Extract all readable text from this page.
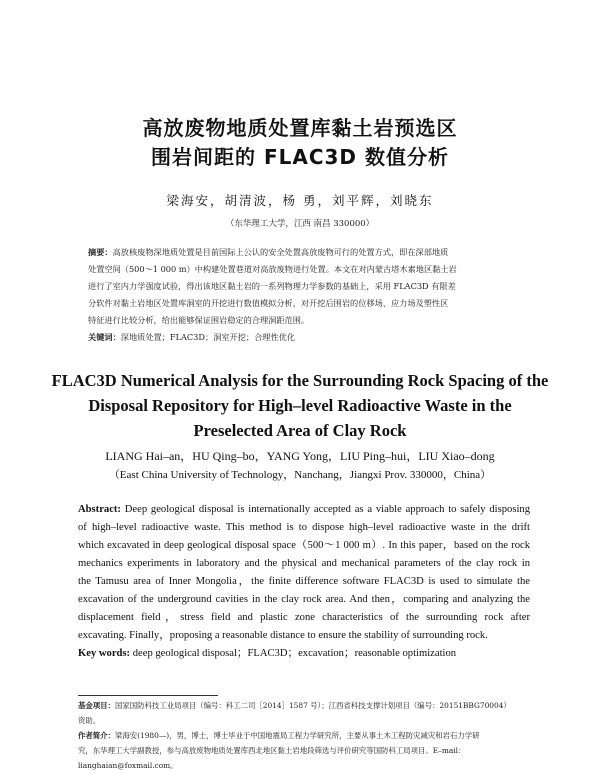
高放废物地质处置库黏土岩预选区
围岩间距的 FLAC3D 数值分析
梁海安，胡清波，杨 勇，刘平辉，刘晓东
（东华理工大学，江西 南昌 330000）
摘要：高放核废物深地质处置是目前国际上公认的安全处置高放废物可行的处置方式，即在深部地质
处置空间（500～1 000 m）中构建处置巷道对高放废物进行处置。本文在对内蒙古塔木素地区黏土岩
进行了室内力学强度试验，得出该地区黏土岩的一系列物理力学参数的基础上，采用 FLAC3D 有限差
分软件对黏土岩地区处置库洞室的开挖进行数值模拟分析，对开挖后围岩的位移场、应力场及塑性区
特征进行比较分析，给出能够保证围岩稳定的合理洞距范围。
关键词：深地质处置；FLAC3D；洞室开挖；合理性优化
FLAC3D Numerical Analysis for the Surrounding Rock Spacing of the
Disposal Repository for High–level Radioactive Waste in the
Preselected Area of Clay Rock
LIANG Hai–an，HU Qing–bo，YANG Yong，LIU Ping–hui，LIU Xiao–dong
（East China University of Technology，Nanchang，Jiangxi Prov. 330000，China）
Abstract: Deep geological disposal is internationally accepted as a viable approach to safely disposing
of high–level radioactive waste. This method is to dispose high–level radioactive waste in the drift
which excavated in deep geological disposal space（500～1 000 m）. In this paper，based on the rock
mechanics experiments in laboratory and the physical and mechanical parameters of the clay rock in
the Tamusu area of Inner Mongolia，the finite difference software FLAC3D is used to simulate the
excavation of the underground cavities in the clay rock area. And then，comparing and analyzing the
displacement field，stress field and plastic zone characteristics of the surrounding rock after
excavating. Finally，proposing a reasonable distance to ensure the stability of surrounding rock.
Key words: deep geological disposal；FLAC3D；excavation；reasonable optimization
基金项目：国家国防科技工业局项目（编号：科工二司［2014］1587 号）；江西省科技支撑计划项目（编号：20151BBG70004）
资助。
作者简介：梁海安(1980—)，男，博士，博士毕业于中国地震局工程力学研究所，主要从事土木工程防灾减灾和岩石力学研
究，东华理工大学副教授，参与高放废物地质处置库西北地区黏土岩地段筛选与评价研究等国防科工局项目。E–mail：
lianghaian@foxmail.com。
